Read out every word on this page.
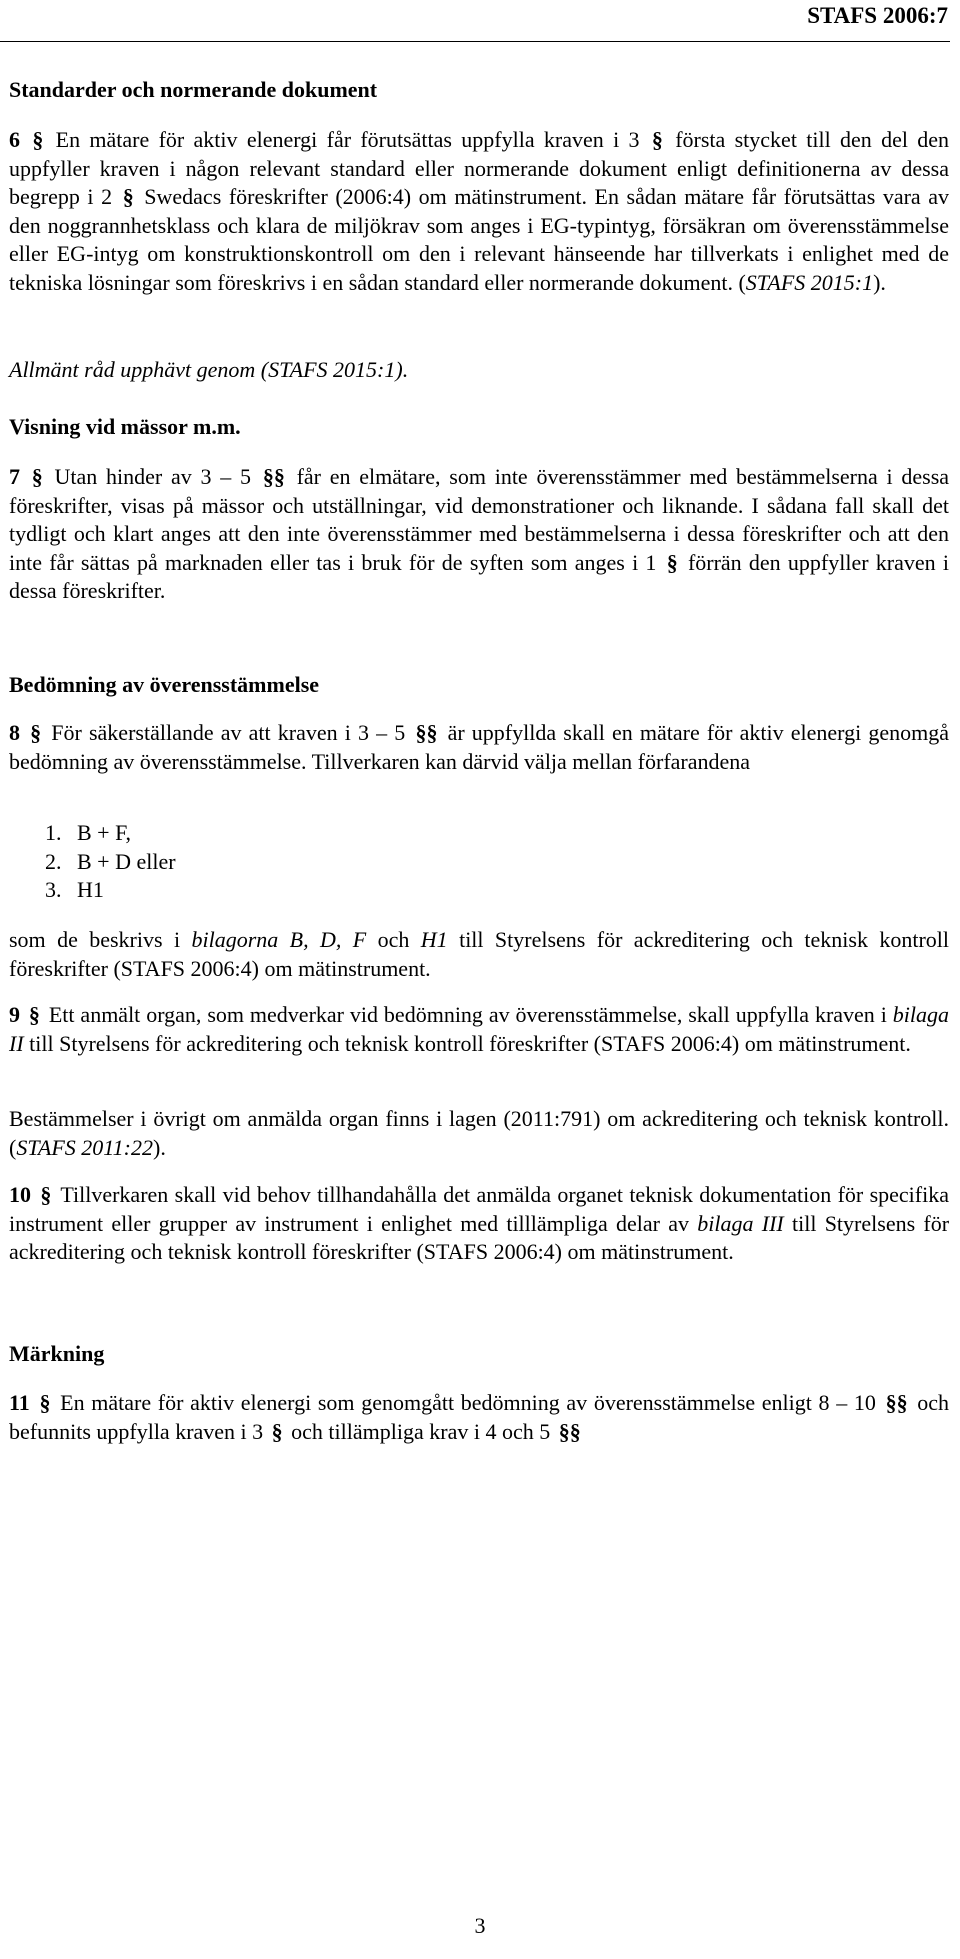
STAFS 2006:7
Standarder och normerande dokument

6 § En mätare för aktiv elenergi får förutsättas uppfylla kraven i 3 § första stycket till den del den uppfyller kraven i någon relevant standard eller normerande dokument enligt definitionerna av dessa begrepp i 2 § Swedacs föreskrifter (2006:4) om mätinstrument. En sådan mätare får förutsättas vara av den noggrannhetsklass och klara de miljökrav som anges i EG-typintyg, försäkran om överensstämmelse eller EG-intyg om konstruktionskontroll om den i relevant hänseende har tillverkats i enlighet med de tekniska lösningar som föreskrivs i en sådan standard eller normerande dokument. (STAFS 2015:1).

Allmänt råd upphävt genom (STAFS 2015:1).

Visning vid mässor m.m.

7 § Utan hinder av 3 – 5 §§ får en elmätare, som inte överensstämmer med bestämmelserna i dessa föreskrifter, visas på mässor och utställningar, vid demonstrationer och liknande. I sådana fall skall det tydligt och klart anges att den inte överensstämmer med bestämmelserna i dessa föreskrifter och att den inte får sättas på marknaden eller tas i bruk för de syften som anges i 1 § förrän den uppfyller kraven i dessa föreskrifter.

Bedömning av överensstämmelse

8 § För säkerställande av att kraven i 3 – 5 §§ är uppfyllda skall en mätare för aktiv elenergi genomgå bedömning av överensstämmelse. Tillverkaren kan därvid välja mellan förfarandena

1. B + F,
2. B + D eller
3. H1

som de beskrivs i bilagorna B, D, F och H1 till Styrelsens för ackreditering och teknisk kontroll föreskrifter (STAFS 2006:4) om mätinstrument.

9 § Ett anmält organ, som medverkar vid bedömning av överensstämmelse, skall uppfylla kraven i bilaga II till Styrelsens för ackreditering och teknisk kontroll föreskrifter (STAFS 2006:4) om mätinstrument.

Bestämmelser i övrigt om anmälda organ finns i lagen (2011:791) om ackreditering och teknisk kontroll. (STAFS 2011:22).

10 § Tillverkaren skall vid behov tillhandahålla det anmälda organet teknisk dokumentation för specifika instrument eller grupper av instrument i enlighet med tilllämpliga delar av bilaga III till Styrelsens för ackreditering och teknisk kontroll föreskrifter (STAFS 2006:4) om mätinstrument.

Märkning

11 § En mätare för aktiv elenergi som genomgått bedömning av överensstämmelse enligt 8 – 10 §§ och befunnits uppfylla kraven i 3 § och tillämpliga krav i 4 och 5 §§

3
